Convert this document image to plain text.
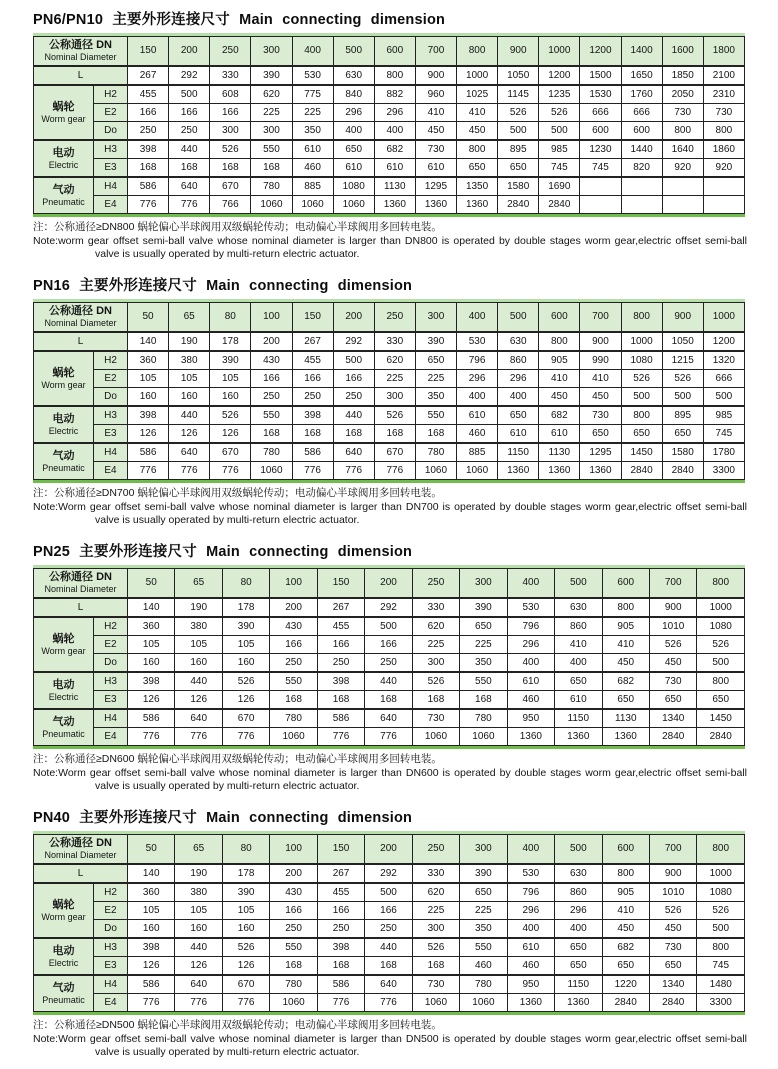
PN6/PN10 主要外形连接尺寸 Main connecting dimension
公称通径 DN
Nominal Diameter		150	200	250	300	400	500	600	700	800	900	1000	1200	1400	1600	1800
L		267	292	330	390	530	630	800	900	1000	1050	1200	1500	1650	1850	2100

蜗轮
Worm gear	H2	455	500	608	620	775	840	882	960	1025	1145	1235	1530	1760	2050	2310
	E2	166	166	166	225	225	296	296	410	410	526	526	666	666	730	730
	Do	250	250	300	300	350	400	400	450	450	500	500	600	600	800	800

电动
Electric	H3	398	440	526	550	610	650	682	730	800	895	985	1230	1440	1640	1860
	E3	168	168	168	168	460	610	610	610	650	650	745	745	820	920	920

气动
Pneumatic	H4	586	640	670	780	885	1080	1130	1295	1350	1580	1690				
	E4	776	776	766	1060	1060	1060	1360	1360	1360	2840	2840				

注：公称通径≥DN800 蜗轮偏心半球阀用双级蜗轮传动；电动偏心半球阀用多回转电装。

Note:worm gear offset semi-ball valve whose nominal diameter is larger than DN800 is operated by double stages worm gear,electric offset semi-ball valve is usually operated by multi-return electric actuator.

PN16 主要外形连接尺寸 Main connecting dimension
公称通径 DN
Nominal Diameter		50	65	80	100	150	200	250	300	400	500	600	700	800	900	1000
L		140	190	178	200	267	292	330	390	530	630	800	900	1000	1050	1200

蜗轮
Worm gear	H2	360	380	390	430	455	500	620	650	796	860	905	990	1080	1215	1320
	E2	105	105	105	166	166	166	225	225	296	296	410	410	526	526	666
	Do	160	160	160	250	250	250	300	350	400	400	450	450	500	500	500

电动
Electric	H3	398	440	526	550	398	440	526	550	610	650	682	730	800	895	985
	E3	126	126	126	168	168	168	168	168	460	610	610	650	650	650	745

气动
Pneumatic	H4	586	640	670	780	586	640	670	780	885	1150	1130	1295	1450	1580	1780
	E4	776	776	776	1060	776	776	776	1060	1060	1360	1360	1360	2840	2840	3300

注：公称通径≥DN700 蜗轮偏心半球阀用双级蜗轮传动；电动偏心半球阀用多回转电装。

Note:Worm gear offset semi-ball valve whose nominal diameter is larger than DN700 is operated by double stages worm gear,electric offset semi-ball valve is usually operated by multi-return electric actuator.

PN25 主要外形连接尺寸 Main connecting dimension
公称通径 DN
Nominal Diameter		50	65	80	100	150	200	250	300	400	500	600	700	800
L		140	190	178	200	267	292	330	390	530	630	800	900	1000

蜗轮
Worm gear	H2	360	380	390	430	455	500	620	650	796	860	905	1010	1080
	E2	105	105	105	166	166	166	225	225	296	410	410	526	526
	Do	160	160	160	250	250	250	300	350	400	400	450	450	500

电动
Electric	H3	398	440	526	550	398	440	526	550	610	650	682	730	800
	E3	126	126	126	168	168	168	168	168	460	610	650	650	650

气动
Pneumatic	H4	586	640	670	780	586	640	730	780	950	1150	1130	1340	1450
	E4	776	776	776	1060	776	776	1060	1060	1360	1360	1360	2840	2840

注：公称通径≥DN600 蜗轮偏心半球阀用双级蜗轮传动；电动偏心半球阀用多回转电装。

Note:Worm gear offset semi-ball valve whose nominal diameter is larger than DN600 is operated by double stages worm gear,electric offset semi-ball valve is usually operated by multi-return electric actuator.

PN40 主要外形连接尺寸 Main connecting dimension
公称通径 DN
Nominal Diameter		50	65	80	100	150	200	250	300	400	500	600	700	800
L		140	190	178	200	267	292	330	390	530	630	800	900	1000

蜗轮
Worm gear	H2	360	380	390	430	455	500	620	650	796	860	905	1010	1080
	E2	105	105	105	166	166	166	225	225	296	296	410	526	526
	Do	160	160	160	250	250	250	300	350	400	400	450	450	500

电动
Electric	H3	398	440	526	550	398	440	526	550	610	650	682	730	800
	E3	126	126	126	168	168	168	168	460	460	650	650	650	745

气动
Pneumatic	H4	586	640	670	780	586	640	730	780	950	1150	1220	1340	1480
	E4	776	776	776	1060	776	776	1060	1060	1360	1360	2840	2840	3300

注：公称通径≥DN500 蜗轮偏心半球阀用双级蜗轮传动；电动偏心半球阀用多回转电装。

Note:Worm gear offset semi-ball valve whose nominal diameter is larger than DN500 is operated by double stages worm gear,electric offset semi-ball valve is usually operated by multi-return electric actuator.
